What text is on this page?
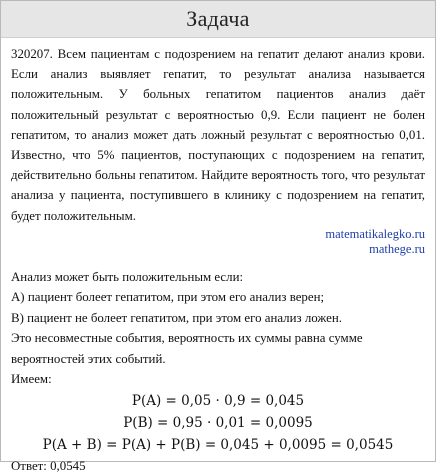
Задача

320207. Всем пациентам с подозрением на гепатит делают анализ крови. Если анализ выявляет гепатит, то результат анализа называется положительным. У больных гепатитом пациентов анализ даёт положительный результат с вероятностью 0,9. Если пациент не болен гепатитом, то анализ может дать ложный результат с вероятностью 0,01. Известно, что 5% пациентов, поступающих с подозрением на гепатит, действительно больны гепатитом. Найдите вероятность того, что результат анализа у пациента, поступившего в клинику с подозрением на гепатит, будет положительным.

matematikalegko.ru
mathege.ru

Анализ может быть положительным если:

А) пациент болеет гепатитом, при этом его анализ верен;

В) пациент не болеет гепатитом, при этом его анализ ложен.

Это несовместные события, вероятность их суммы равна сумме вероятностей этих событий.

Имеем:

P(A) = 0,05 · 0,9 = 0,045
P(B) = 0,95 · 0,01 = 0,0095
P(A + B) = P(A) + P(B) = 0,045 + 0,0095 = 0,0545

Ответ: 0,0545
